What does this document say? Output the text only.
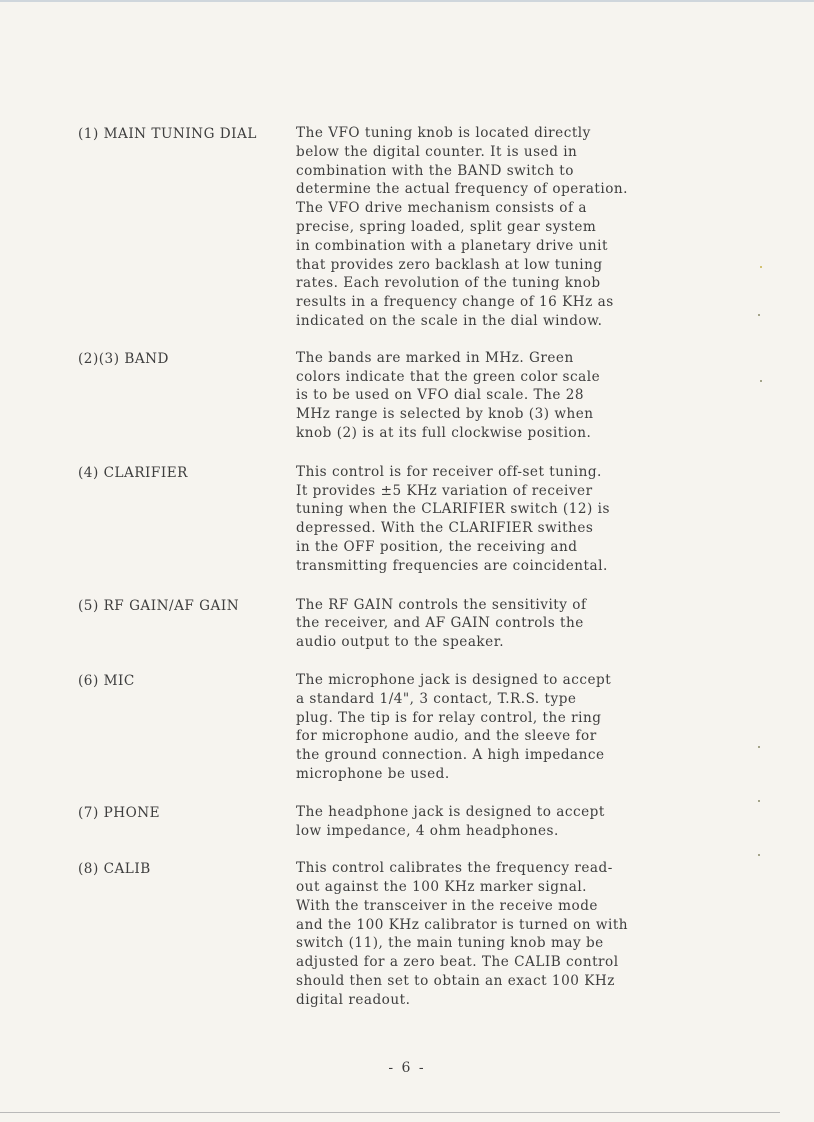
(1) MAIN TUNING DIAL	The VFO tuning knob is located directly
below the digital counter. It is used in
combination with the BAND switch to
determine the actual frequency of operation.
The VFO drive mechanism consists of a
precise, spring loaded, split gear system
in combination with a planetary drive unit
that provides zero backlash at low tuning
rates. Each revolution of the tuning knob
results in a frequency change of 16 KHz as
indicated on the scale in the dial window.
(2)(3) BAND	The bands are marked in MHz. Green
colors indicate that the green color scale
is to be used on VFO dial scale. The 28
MHz range is selected by knob (3) when
knob (2) is at its full clockwise position.
(4) CLARIFIER	This control is for receiver off-set tuning.
It provides ±5 KHz variation of receiver
tuning when the CLARIFIER switch (12) is
depressed. With the CLARIFIER swithes
in the OFF position, the receiving and
transmitting frequencies are coincidental.
(5) RF GAIN/AF GAIN	The RF GAIN controls the sensitivity of
the receiver, and AF GAIN controls the
audio output to the speaker.
(6) MIC	The microphone jack is designed to accept
a standard 1/4", 3 contact, T.R.S. type
plug. The tip is for relay control, the ring
for microphone audio, and the sleeve for
the ground connection. A high impedance
microphone be used.
(7) PHONE	The headphone jack is designed to accept
low impedance, 4 ohm headphones.
(8) CALIB	This control calibrates the frequency read-
out against the 100 KHz marker signal.
With the transceiver in the receive mode
and the 100 KHz calibrator is turned on with
switch (11), the main tuning knob may be
adjusted for a zero beat. The CALIB control
should then set to obtain an exact 100 KHz
digital readout.
- 6 -
